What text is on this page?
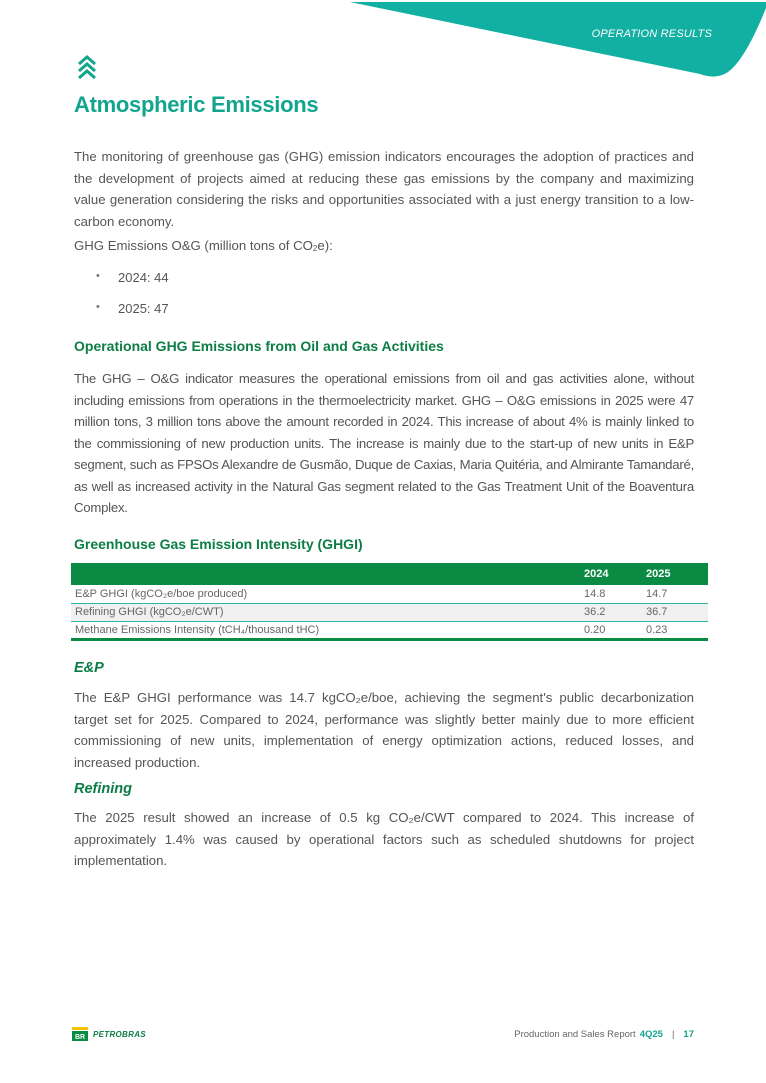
OPERATION RESULTS
Atmospheric Emissions

The monitoring of greenhouse gas (GHG) emission indicators encourages the adoption of practices and the development of projects aimed at reducing these gas emissions by the company and maximizing value generation considering the risks and opportunities associated with a just energy transition to a low-carbon economy.

GHG Emissions O&G (million tons of $CO_2e$):
•	2024: 44
•	2025: 47
Operational GHG Emissions from Oil and Gas Activities

The GHG – O&G indicator measures the operational emissions from oil and gas activities alone, without including emissions from operations in the thermoelectricity market. GHG – O&G emissions in 2025 were 47 million tons, 3 million tons above the amount recorded in 2024. This increase of about 4% is mainly linked to the commissioning of new production units. The increase is mainly due to the start-up of new units in E&P segment, such as FPSOs Alexandre de Gusmão, Duque de Caxias, Maria Quitéria, and Almirante Tamandaré, as well as increased activity in the Natural Gas segment related to the Gas Treatment Unit of the Boaventura Complex.

Greenhouse Gas Emission Intensity (GHGI)
	2024	2025
E&P GHGI (kgCO₂e/boe produced)	14.8	14.7
Refining GHGI (kgCO₂e/CWT)	36.2	36.7
Methane Emissions Intensity (tCH₄/thousand tHC)	0.20	0.23
E&P

The E&P GHGI performance was 14.7 kgCO₂e/boe, achieving the segment's public decarbonization target set for 2025. Compared to 2024, performance was slightly better mainly due to more efficient commissioning of new units, implementation of energy optimization actions, reduced losses, and increased production.

Refining

The 2025 result showed an increase of 0.5 kg CO₂e/CWT compared to 2024. This increase of approximately 1.4% was caused by operational factors such as scheduled shutdowns for project implementation.

BR PETROBRAS	Production and Sales Report 4Q25 | 17
